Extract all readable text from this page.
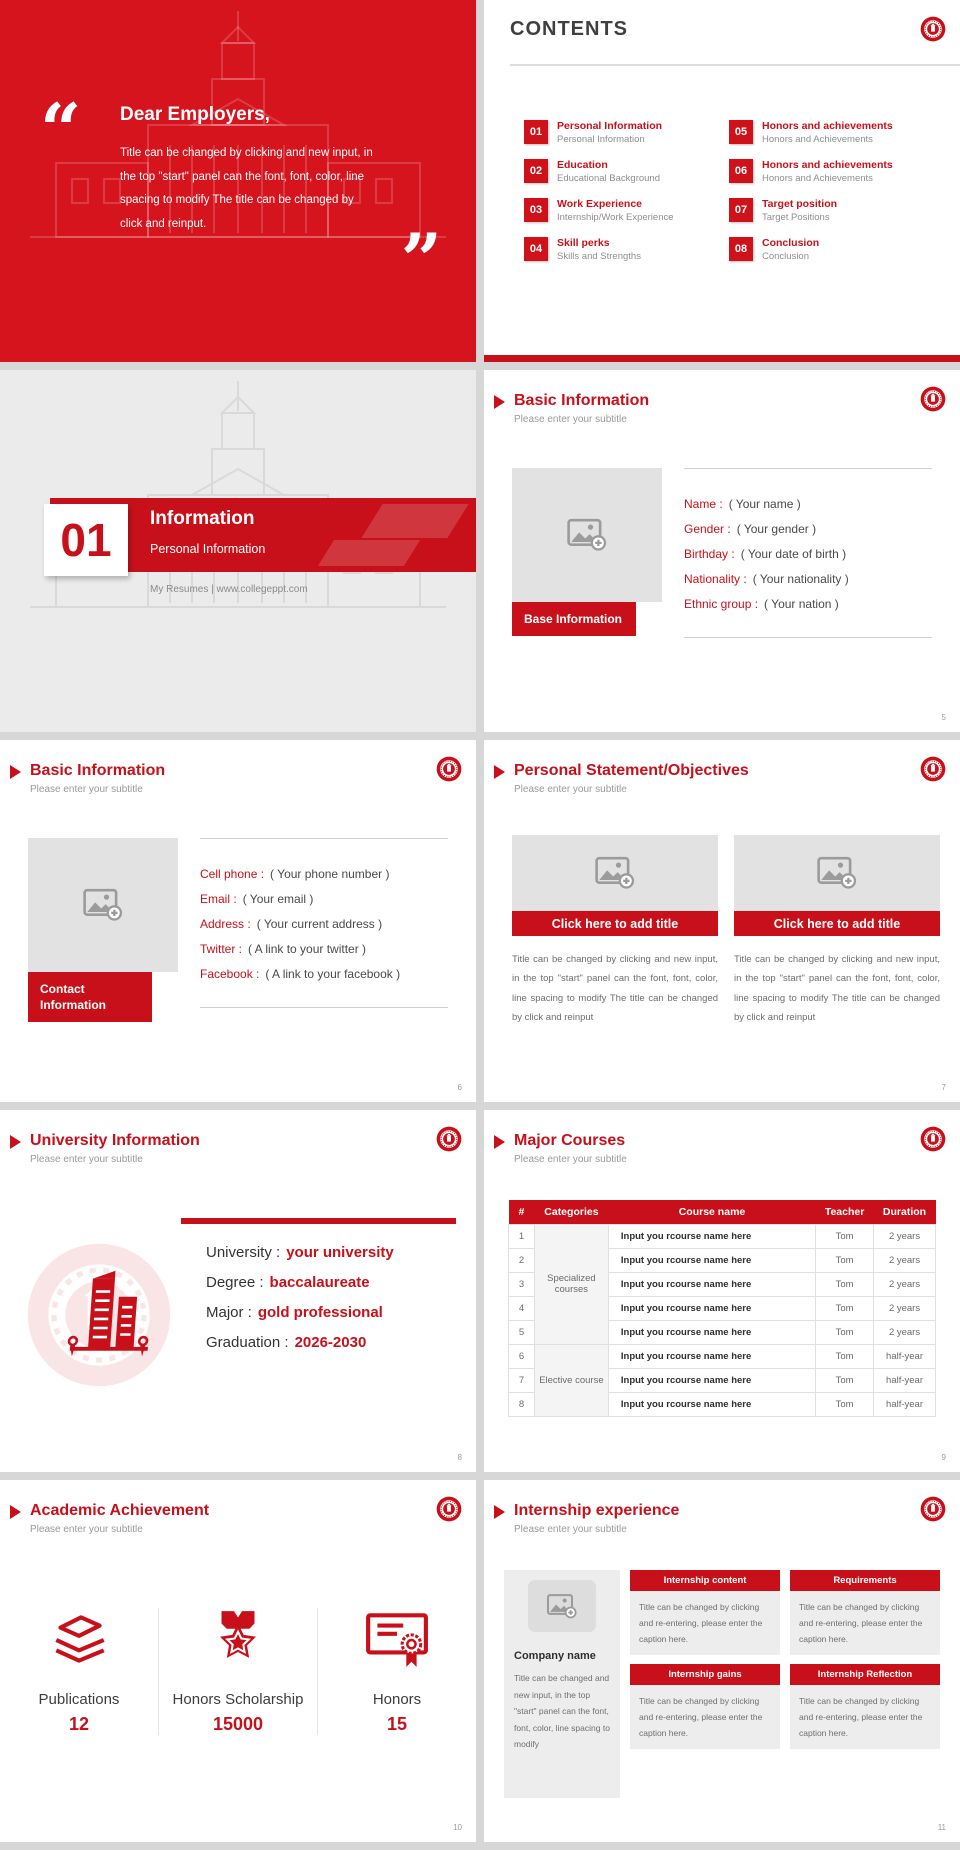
“ Dear Employers,
Title can be changed by clicking and new input, in the top "start" panel can the font, font, color, line spacing to modify The title can be changed by click and reinput.	”
CONTENTS
01	Personal Information
Personal Information
05	Honors and achievements
Honors and Achievements
02	Education
Educational Background
06	Honors and achievements
Honors and Achievements
03	Work Experience
Internship/Work Experience
07	Target position
Target Positions
04	Skill perks
Skills and Strengths
08	Conclusion
Conclusion
01 Information
Personal Information
My Resumes | www.collegeppt.com
Basic Information

Please enter your subtitle

Base Information
Name : ( Your name )
Gender : ( Your gender )
Birthday : ( Your date of birth )
Nationality : ( Your nationality )
Ethnic group : ( Your nation )
5
Basic Information

Please enter your subtitle

Contact Information
Cell phone : ( Your phone number )
Email : ( Your email )
Address : ( Your current address )
Twitter : ( A link to your twitter )
Facebook : ( A link to your facebook )
6
Personal Statement/Objectives

Please enter your subtitle

Click here to add title
Title can be changed by clicking and new input, in the top "start" panel can the font, font, color, line spacing to modify The title can be changed by click and reinput
Click here to add title
Title can be changed by clicking and new input, in the top "start" panel can the font, font, color, line spacing to modify The title can be changed by click and reinput
7
University Information

Please enter your subtitle

University : your university
Degree : baccalaureate
Major : gold professional
Graduation : 2026-2030
8
Major Courses

Please enter your subtitle

#	Categories	Course name	Teacher	Duration
1	Specialized courses	Input you rcourse name here	Tom	2 years
2		Input you rcourse name here	Tom	2 years
3		Input you rcourse name here	Tom	2 years
4		Input you rcourse name here	Tom	2 years
5		Input you rcourse name here	Tom	2 years
6	Elective course	Input you rcourse name here	Tom	half-year
7		Input you rcourse name here	Tom	half-year
8		Input you rcourse name here	Tom	half-year
9
Academic Achievement

Please enter your subtitle

Publications
12
Honors Scholarship
15000
Honors
15
10
Internship experience

Please enter your subtitle

Company name
Title can be changed and new input, in the top "start" panel can the font, font, color, line spacing to modify
Internship content
Title can be changed by clicking and re-entering, please enter the caption here.
Requirements
Title can be changed by clicking and re-entering, please enter the caption here.
Internship gains
Title can be changed by clicking and re-entering, please enter the caption here.
Internship Reflection
Title can be changed by clicking and re-entering, please enter the caption here.
11
